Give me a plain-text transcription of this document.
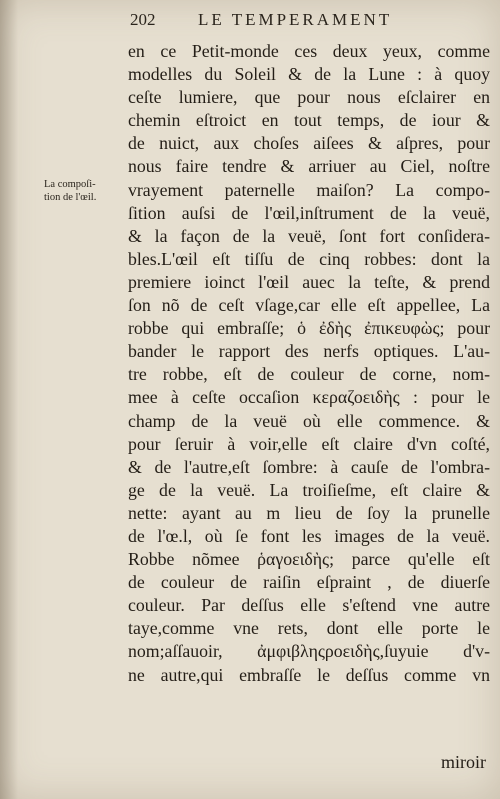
202	LE TEMPERAMENT
La compoſi-
tion de l'œil.
en ce Petit-monde ces deux yeux, comme
modelles du Soleil & de la Lune : à quoy
ceſte lumiere, que pour nous eſclairer en
chemin eſtroict en tout temps, de iour &
de nuict, aux choſes aiſees & aſpres, pour
nous faire tendre & arriuer au Ciel, noſtre
vrayement paternelle maiſon? La compo-
ſition auſsi de l'œil,inſtrument de la veuë,
& la façon de la veuë, ſont fort conſidera-
bles.L'œil eſt tiſſu de cinq robbes: dont la
premiere ioinct l'œil auec la teſte, & prend
ſon nõ de ceſt vſage,car elle eſt appellee, La
robbe qui embraſſe; ὁ ἐδὴς ἐπικευφὼς; pour
bander le rapport des nerfs optiques. L'au-
tre robbe, eſt de couleur de corne, nom-
mee à ceſte occaſion κεραζοειδὴς : pour le
champ de la veuë où elle commence. &
pour ſeruir à voir,elle eſt claire d'vn coſté,
& de l'autre,eſt ſombre: à cauſe de l'ombra-
ge de la veuë. La troiſieſme, eſt claire &
nette: ayant au m lieu de ſoy la prunelle
de l'œ.l, où ſe font les images de la veuë.
Robbe nõmee ῥαγοειδὴς; parce qu'elle eſt
de couleur de raiſin eſpraint , de diuerſe
couleur. Par deſſus elle s'eſtend vne autre
taye,comme vne rets, dont elle porte le
nom;aſſauoir, ἀμφιβληςροειδὴς,ſuyuie d'v-
ne autre,qui embraſſe le deſſus comme vn
miroir
